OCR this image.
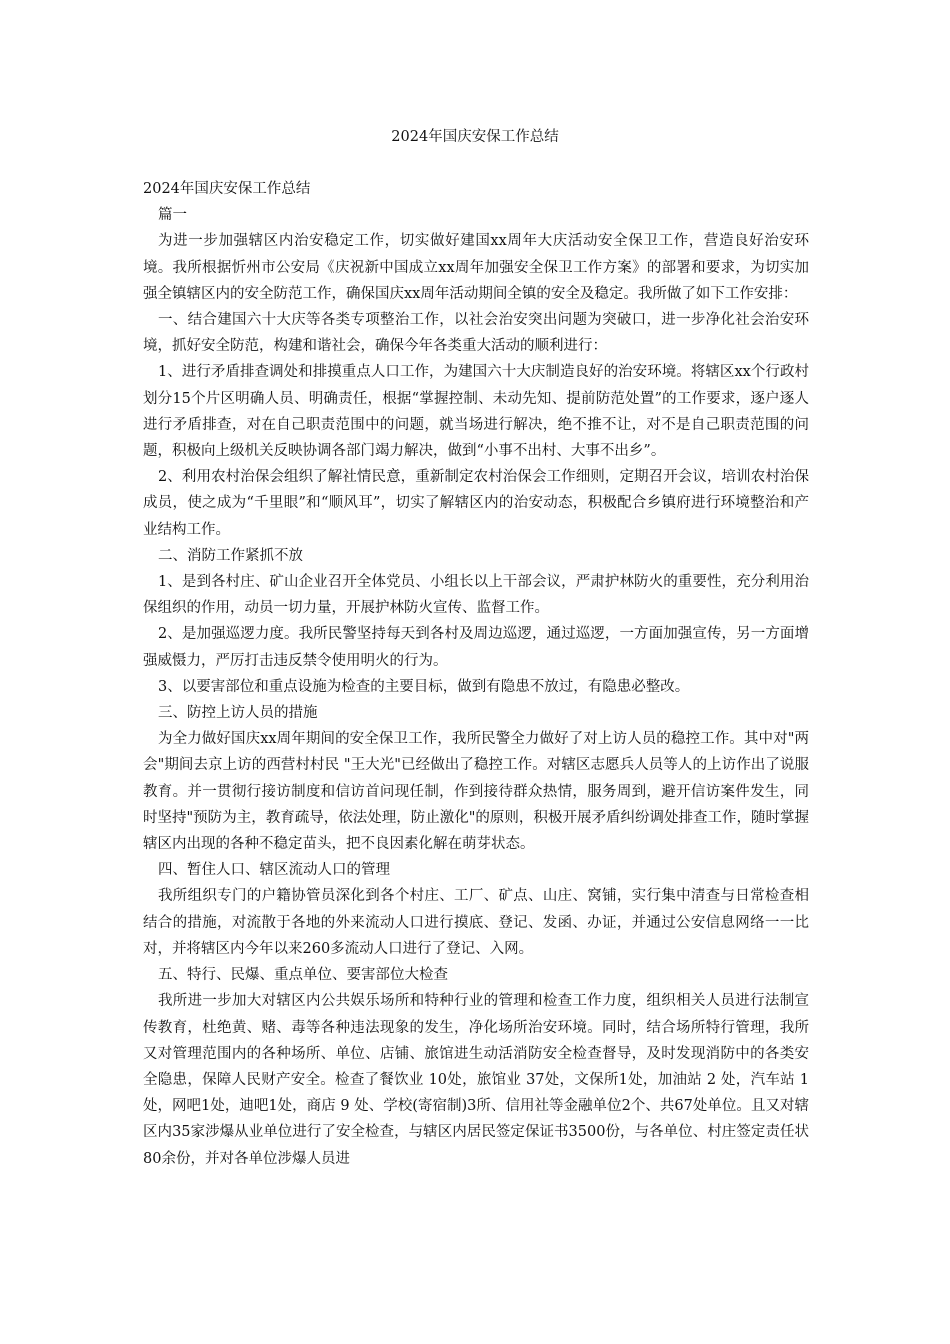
2024年国庆安保工作总结

2024年国庆安保工作总结

篇一

为进一步加强辖区内治安稳定工作，切实做好建国xx周年大庆活动安全保卫工作，营造良好治安环境。我所根据忻州市公安局《庆祝新中国成立xx周年加强安全保卫工作方案》的部署和要求，为切实加强全镇辖区内的安全防范工作，确保国庆xx周年活动期间全镇的安全及稳定。我所做了如下工作安排：

一、结合建国六十大庆等各类专项整治工作，以社会治安突出问题为突破口，进一步净化社会治安环境，抓好安全防范，构建和谐社会，确保今年各类重大活动的顺利进行：

1、进行矛盾排查调处和排摸重点人口工作，为建国六十大庆制造良好的治安环境。将辖区xx个行政村划分15个片区明确人员、明确责任，根据“掌握控制、未动先知、提前防范处置”的工作要求，逐户逐人进行矛盾排查，对在自己职责范围中的问题，就当场进行解决，绝不推不让，对不是自己职责范围的问题，积极向上级机关反映协调各部门竭力解决，做到“小事不出村、大事不出乡”。

2、利用农村治保会组织了解社情民意，重新制定农村治保会工作细则，定期召开会议，培训农村治保成员，使之成为“千里眼”和“顺风耳”，切实了解辖区内的治安动态，积极配合乡镇府进行环境整治和产业结构工作。

二、消防工作紧抓不放

1、是到各村庄、矿山企业召开全体党员、小组长以上干部会议，严肃护林防火的重要性，充分利用治保组织的作用，动员一切力量，开展护林防火宣传、监督工作。

2、是加强巡逻力度。我所民警坚持每天到各村及周边巡逻，通过巡逻，一方面加强宣传，另一方面增强威慑力，严厉打击违反禁令使用明火的行为。

3、以要害部位和重点设施为检查的主要目标，做到有隐患不放过，有隐患必整改。

三、防控上访人员的措施

为全力做好国庆xx周年期间的安全保卫工作，我所民警全力做好了对上访人员的稳控工作。其中对"两会"期间去京上访的西营村村民 "王大光"已经做出了稳控工作。对辖区志愿兵人员等人的上访作出了说服教育。并一贯彻行接访制度和信访首问现任制，作到接待群众热情，服务周到，避开信访案件发生，同时坚持"预防为主，教育疏导，依法处理，防止激化"的原则，积极开展矛盾纠纷调处排查工作，随时掌握辖区内出现的各种不稳定苗头，把不良因素化解在萌芽状态。

四、暂住人口、辖区流动人口的管理

我所组织专门的户籍协管员深化到各个村庄、工厂、矿点、山庄、窝铺，实行集中清查与日常检查相结合的措施，对流散于各地的外来流动人口进行摸底、登记、发函、办证，并通过公安信息网络一一比对，并将辖区内今年以来260多流动人口进行了登记、入网。

五、特行、民爆、重点单位、要害部位大检查

我所进一步加大对辖区内公共娱乐场所和特种行业的管理和检查工作力度，组织相关人员进行法制宣传教育，杜绝黄、赌、毒等各种违法现象的发生，净化场所治安环境。同时，结合场所特行管理，我所又对管理范围内的各种场所、单位、店铺、旅馆进生动活消防安全检查督导，及时发现消防中的各类安全隐患，保障人民财产安全。检查了餐饮业 10处，旅馆业 37处，文保所1处，加油站 2 处，汽车站 1 处，网吧1处，迪吧1处，商店 9 处、学校(寄宿制)3所、信用社等金融单位2个、共67处单位。且又对辖区内35家涉爆从业单位进行了安全检查，与辖区内居民签定保证书3500份，与各单位、村庄签定责任状80余份，并对各单位涉爆人员进
